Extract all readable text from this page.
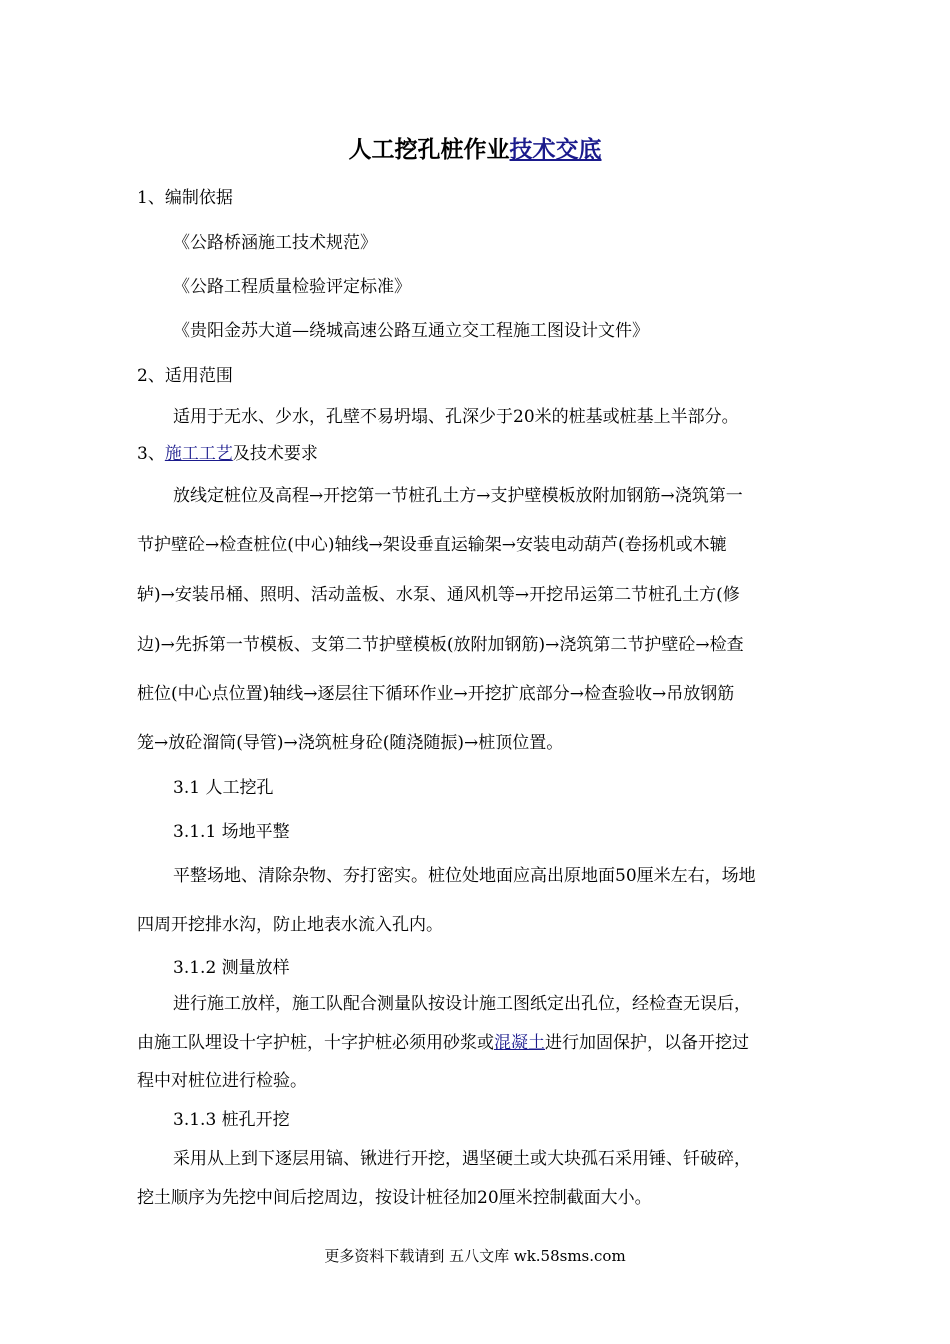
人工挖孔桩作业技术交底
1、编制依据
《公路桥涵施工技术规范》
《公路工程质量检验评定标准》
《贵阳金苏大道—绕城高速公路互通立交工程施工图设计文件》
2、适用范围
适用于无水、少水，孔壁不易坍塌、孔深少于20米的桩基或桩基上半部分。
3、施工工艺及技术要求
放线定桩位及高程→开挖第一节桩孔土方→支护壁模板放附加钢筋→浇筑第一
节护壁砼→检查桩位(中心)轴线→架设垂直运输架→安装电动葫芦(卷扬机或木辘
轳)→安装吊桶、照明、活动盖板、水泵、通风机等→开挖吊运第二节桩孔土方(修
边)→先拆第一节模板、支第二节护壁模板(放附加钢筋)→浇筑第二节护壁砼→检查
桩位(中心点位置)轴线→逐层往下循环作业→开挖扩底部分→检查验收→吊放钢筋
笼→放砼溜筒(导管)→浇筑桩身砼(随浇随振)→桩顶位置。
3.1 人工挖孔
3.1.1 场地平整
平整场地、清除杂物、夯打密实。桩位处地面应高出原地面50厘米左右，场地
四周开挖排水沟，防止地表水流入孔内。
3.1.2 测量放样
进行施工放样，施工队配合测量队按设计施工图纸定出孔位，经检查无误后，
由施工队埋设十字护桩，十字护桩必须用砂浆或混凝土进行加固保护，以备开挖过
程中对桩位进行检验。
3.1.3 桩孔开挖
采用从上到下逐层用镐、锹进行开挖，遇坚硬土或大块孤石采用锤、钎破碎，
挖土顺序为先挖中间后挖周边，按设计桩径加20厘米控制截面大小。
更多资料下载请到 五八文库 wk.58sms.com
